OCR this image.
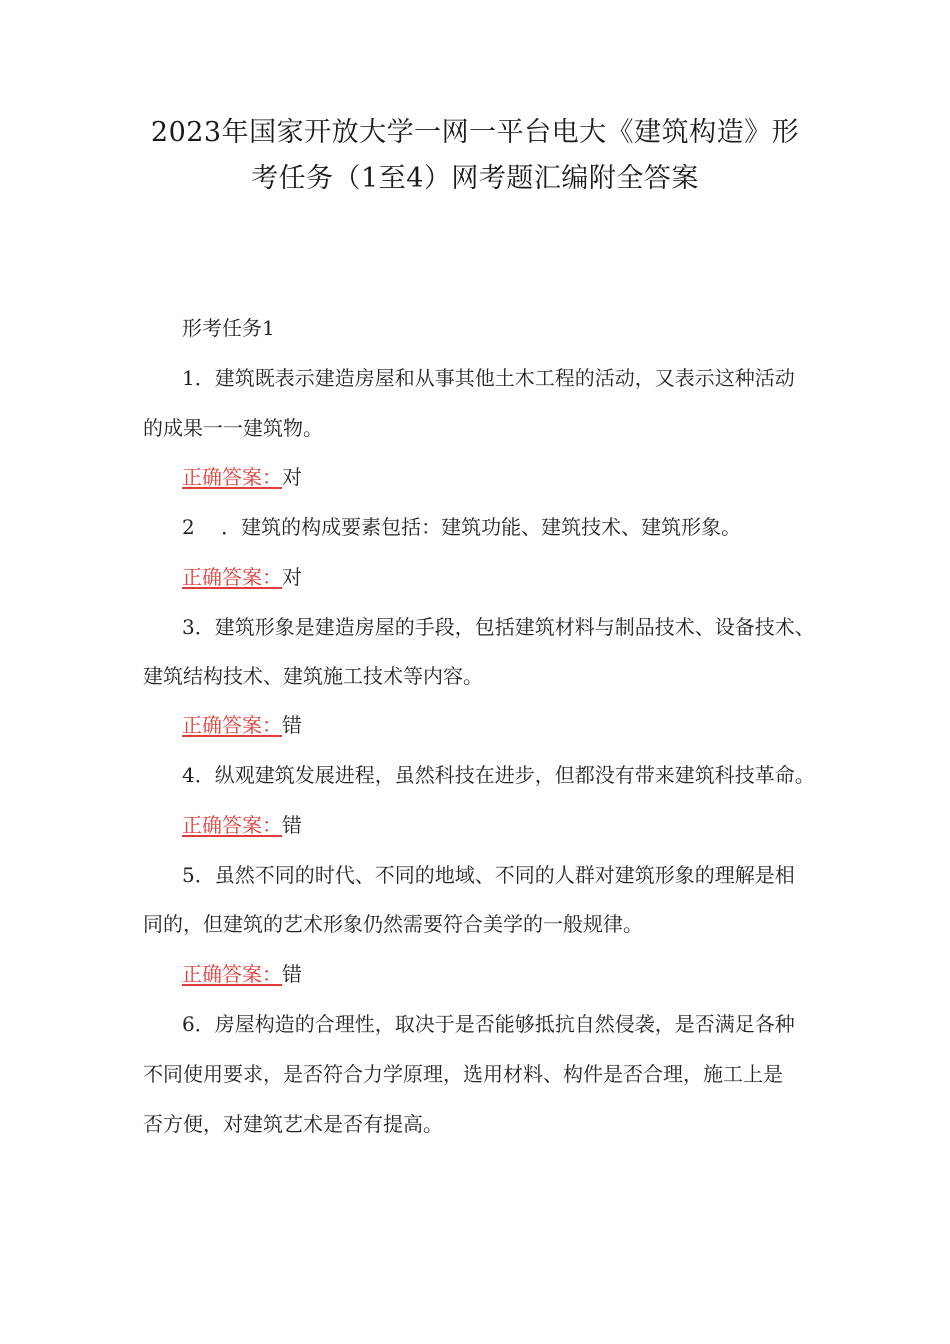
2023年国家开放大学一网一平台电大《建筑构造》形
考任务（1至4）网考题汇编附全答案
形考任务1
1．建筑既表示建造房屋和从事其他土木工程的活动，又表示这种活动
的成果一一建筑物。
正确答案：对
2　 ．建筑的构成要素包括：建筑功能、建筑技术、建筑形象。
正确答案：对
3．建筑形象是建造房屋的手段，包括建筑材料与制品技术、设备技术、
建筑结构技术、建筑施工技术等内容。
正确答案：错
4．纵观建筑发展进程，虽然科技在进步，但都没有带来建筑科技革命。
正确答案：错
5．虽然不同的时代、不同的地域、不同的人群对建筑形象的理解是相
同的，但建筑的艺术形象仍然需要符合美学的一般规律。
正确答案：错
6．房屋构造的合理性，取决于是否能够抵抗自然侵袭，是否满足各种
不同使用要求，是否符合力学原理，选用材料、构件是否合理，施工上是
否方便，对建筑艺术是否有提高。
